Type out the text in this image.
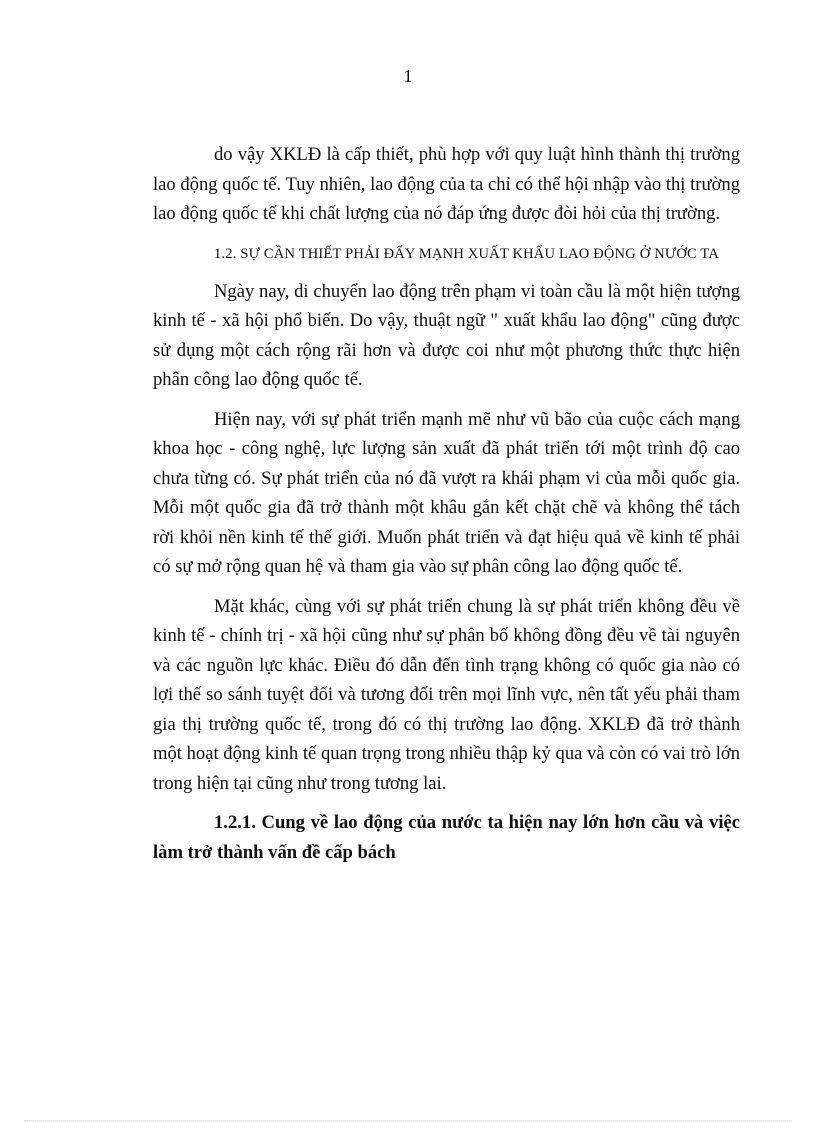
1

do vậy XKLĐ là cấp thiết, phù hợp với quy luật hình thành thị trường lao động quốc tế. Tuy nhiên, lao động của ta chỉ có thể hội nhập vào thị trường lao động quốc tế khi chất lượng của nó đáp ứng được đòi hỏi của thị trường.

1.2. SỰ CẦN THIẾT PHẢI ĐẨY MẠNH XUẤT KHẨU LAO ĐỘNG Ở NƯỚC TA

Ngày nay, di chuyển lao động trên phạm vi toàn cầu là một hiện tượng kinh tế - xã hội phổ biến. Do vậy, thuật ngữ " xuất khẩu lao động" cũng được sử dụng một cách rộng rãi hơn và được coi như một phương thức thực hiện phân công lao động quốc tế.

Hiện nay, với sự phát triển mạnh mẽ như vũ bão của cuộc cách mạng khoa học - công nghệ, lực lượng sản xuất đã phát triển tới một trình độ cao chưa từng có. Sự phát triển của nó đã vượt ra khái phạm vi của mỗi quốc gia. Mỗi một quốc gia đã trở thành một khâu gắn kết chặt chẽ và không thể tách rời khỏi nền kinh tế thế giới. Muốn phát triển và đạt hiệu quả về kinh tế phải có sự mở rộng quan hệ và tham gia vào sự phân công lao động quốc tế.

Mặt khác, cùng với sự phát triển chung là sự phát triển không đều về kinh tế - chính trị - xã hội cũng như sự phân bố không đồng đều về tài nguyên và các nguồn lực khác. Điều đó dẫn đến tình trạng không có quốc gia nào có lợi thế so sánh tuyệt đối và tương đối trên mọi lĩnh vực, nên tất yếu phải tham gia thị trường quốc tế, trong đó có thị trường lao động. XKLĐ đã trở thành một hoạt động kinh tế quan trọng trong nhiều thập kỷ qua và còn có vai trò lớn trong hiện tại cũng như trong tương lai.

1.2.1. Cung về lao động của nước ta hiện nay lớn hơn cầu và việc làm trở thành vấn đề cấp bách
